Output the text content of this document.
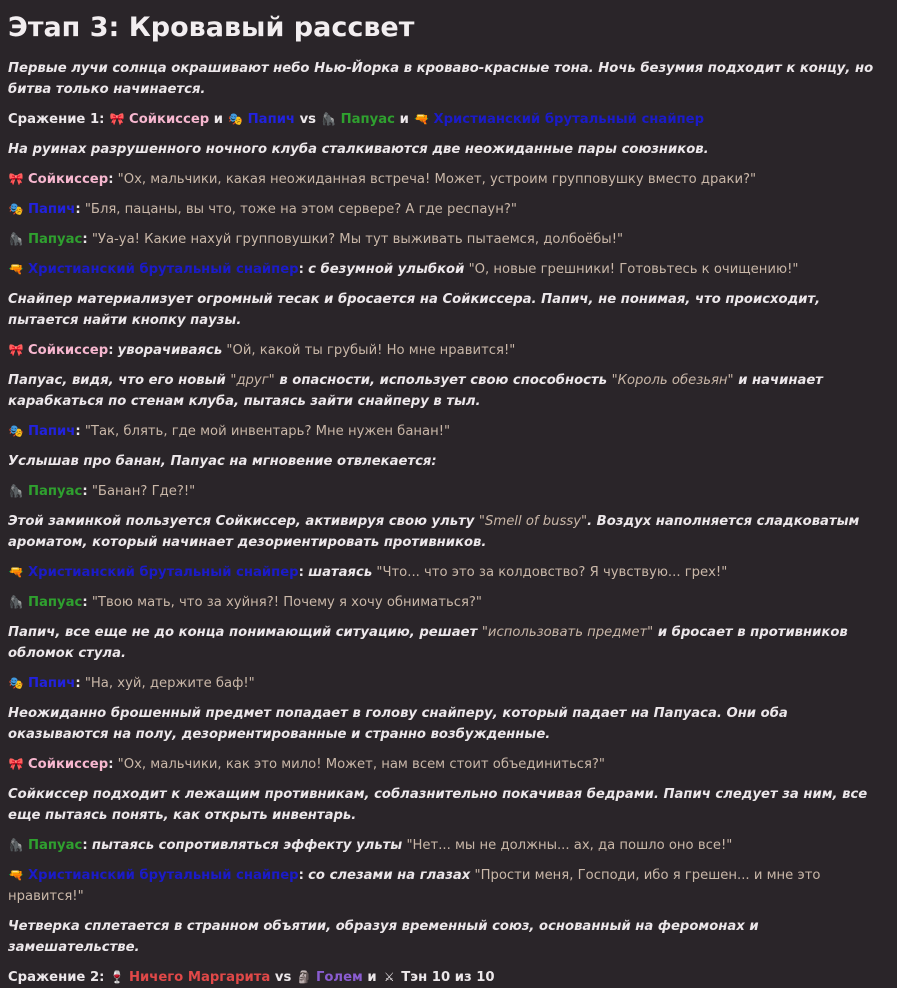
Этап 3: Кровавый рассвет

Первые лучи солнца окрашивают небо Нью-Йорка в кроваво-красные тона. Ночь безумия подходит к концу, но битва только начинается.

Сражение 1: 🎀 Сойкиссер и 🎭 Папич vs 🦍 Папуас и 🔫 Христианский брутальный снайпер

На руинах разрушенного ночного клуба сталкиваются две неожиданные пары союзников.

🎀 Сойкиссер: "Ох, мальчики, какая неожиданная встреча! Может, устроим групповушку вместо драки?"

🎭 Папич: "Бля, пацаны, вы что, тоже на этом сервере? А где респаун?"

🦍 Папуас: "Уа-уа! Какие нахуй групповушки? Мы тут выживать пытаемся, долбоёбы!"

🔫 Христианский брутальный снайпер: с безумной улыбкой "О, новые грешники! Готовьтесь к очищению!"

Снайпер материализует огромный тесак и бросается на Сойкиссера. Папич, не понимая, что происходит, пытается найти кнопку паузы.

🎀 Сойкиссер: уворачиваясь "Ой, какой ты грубый! Но мне нравится!"

Папуас, видя, что его новый "друг" в опасности, использует свою способность "Король обезьян" и начинает карабкаться по стенам клуба, пытаясь зайти снайперу в тыл.

🎭 Папич: "Так, блять, где мой инвентарь? Мне нужен банан!"

Услышав про банан, Папуас на мгновение отвлекается:

🦍 Папуас: "Банан? Где?!"

Этой заминкой пользуется Сойкиссер, активируя свою ульту "Smell of bussy". Воздух наполняется сладковатым ароматом, который начинает дезориентировать противников.

🔫 Христианский брутальный снайпер: шатаясь "Что... что это за колдовство? Я чувствую... грех!"

🦍 Папуас: "Твою мать, что за хуйня?! Почему я хочу обниматься?"

Папич, все еще не до конца понимающий ситуацию, решает "использовать предмет" и бросает в противников обломок стула.

🎭 Папич: "На, хуй, держите баф!"

Неожиданно брошенный предмет попадает в голову снайперу, который падает на Папуаса. Они оба оказываются на полу, дезориентированные и странно возбужденные.

🎀 Сойкиссер: "Ох, мальчики, как это мило! Может, нам всем стоит объединиться?"

Сойкиссер подходит к лежащим противникам, соблазнительно покачивая бедрами. Папич следует за ним, все еще пытаясь понять, как открыть инвентарь.

🦍 Папуас: пытаясь сопротивляться эффекту ульты "Нет... мы не должны... ах, да пошло оно все!"

🔫 Христианский брутальный снайпер: со слезами на глазах "Прости меня, Господи, ибо я грешен... и мне это нравится!"

Четверка сплетается в странном объятии, образуя временный союз, основанный на феромонах и замешательстве.

Сражение 2: 🍷 Ничего Маргарита vs 🗿 Голем и ⚔ Тэн 10 из 10
